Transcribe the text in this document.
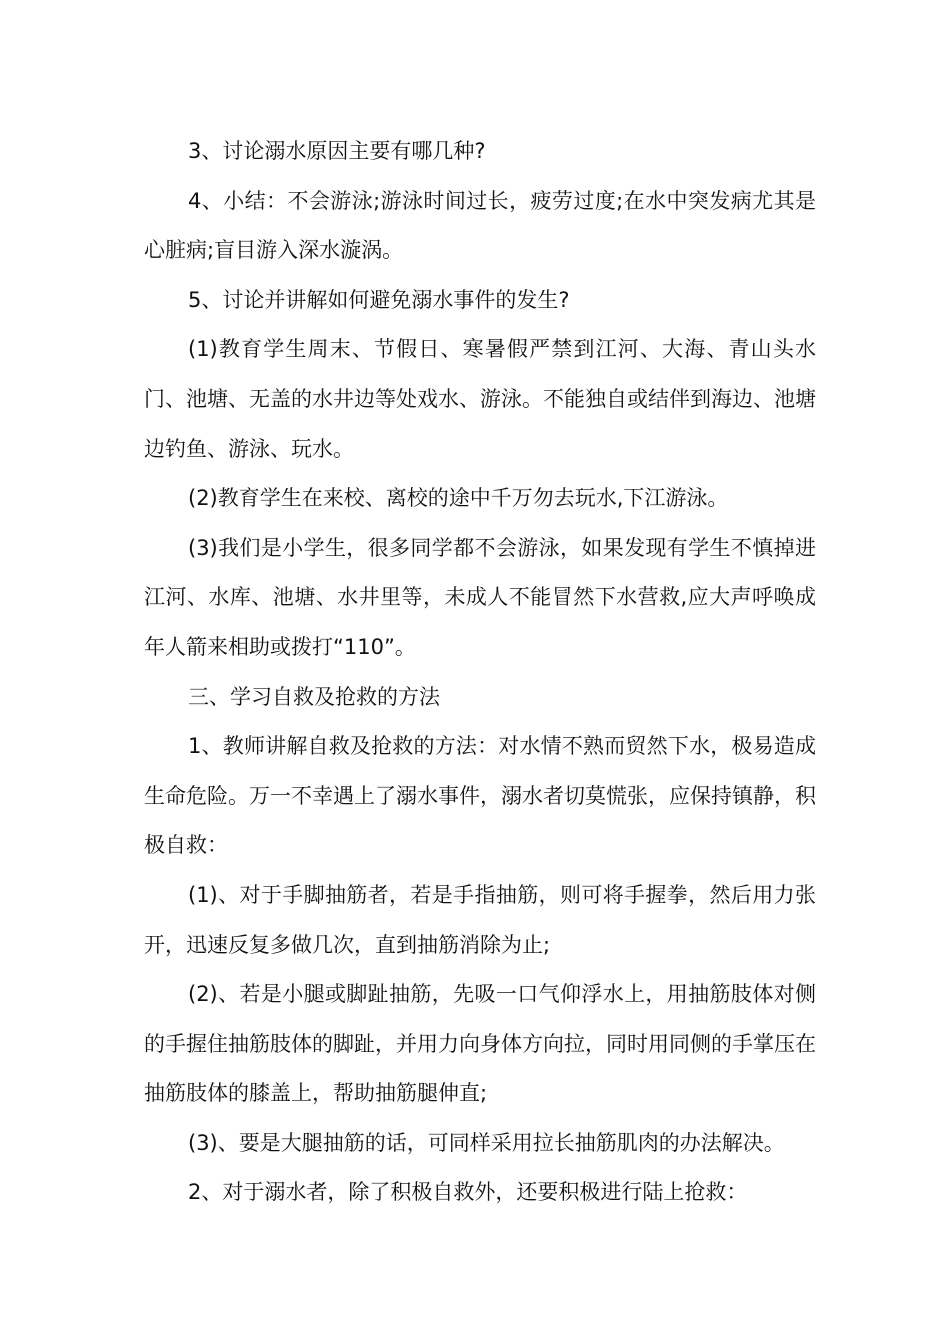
3、讨论溺水原因主要有哪几种?

4、小结：不会游泳;游泳时间过长，疲劳过度;在水中突发病尤其是心脏病;盲目游入深水漩涡。

5、讨论并讲解如何避免溺水事件的发生?

(1)教育学生周末、节假日、寒暑假严禁到江河、大海、青山头水门、池塘、无盖的水井边等处戏水、游泳。不能独自或结伴到海边、池塘边钓鱼、游泳、玩水。

(2)教育学生在来校、离校的途中千万勿去玩水,下江游泳。

(3)我们是小学生，很多同学都不会游泳，如果发现有学生不慎掉进江河、水库、池塘、水井里等，未成人不能冒然下水营救,应大声呼唤成年人箭来相助或拨打“110”。

三、学习自救及抢救的方法

1、教师讲解自救及抢救的方法：对水情不熟而贸然下水，极易造成生命危险。万一不幸遇上了溺水事件，溺水者切莫慌张，应保持镇静，积极自救：

(1)、对于手脚抽筋者，若是手指抽筋，则可将手握拳，然后用力张开，迅速反复多做几次，直到抽筋消除为止;

(2)、若是小腿或脚趾抽筋，先吸一口气仰浮水上，用抽筋肢体对侧的手握住抽筋肢体的脚趾，并用力向身体方向拉，同时用同侧的手掌压在抽筋肢体的膝盖上，帮助抽筋腿伸直;

(3)、要是大腿抽筋的话，可同样采用拉长抽筋肌肉的办法解决。

2、对于溺水者，除了积极自救外，还要积极进行陆上抢救：
